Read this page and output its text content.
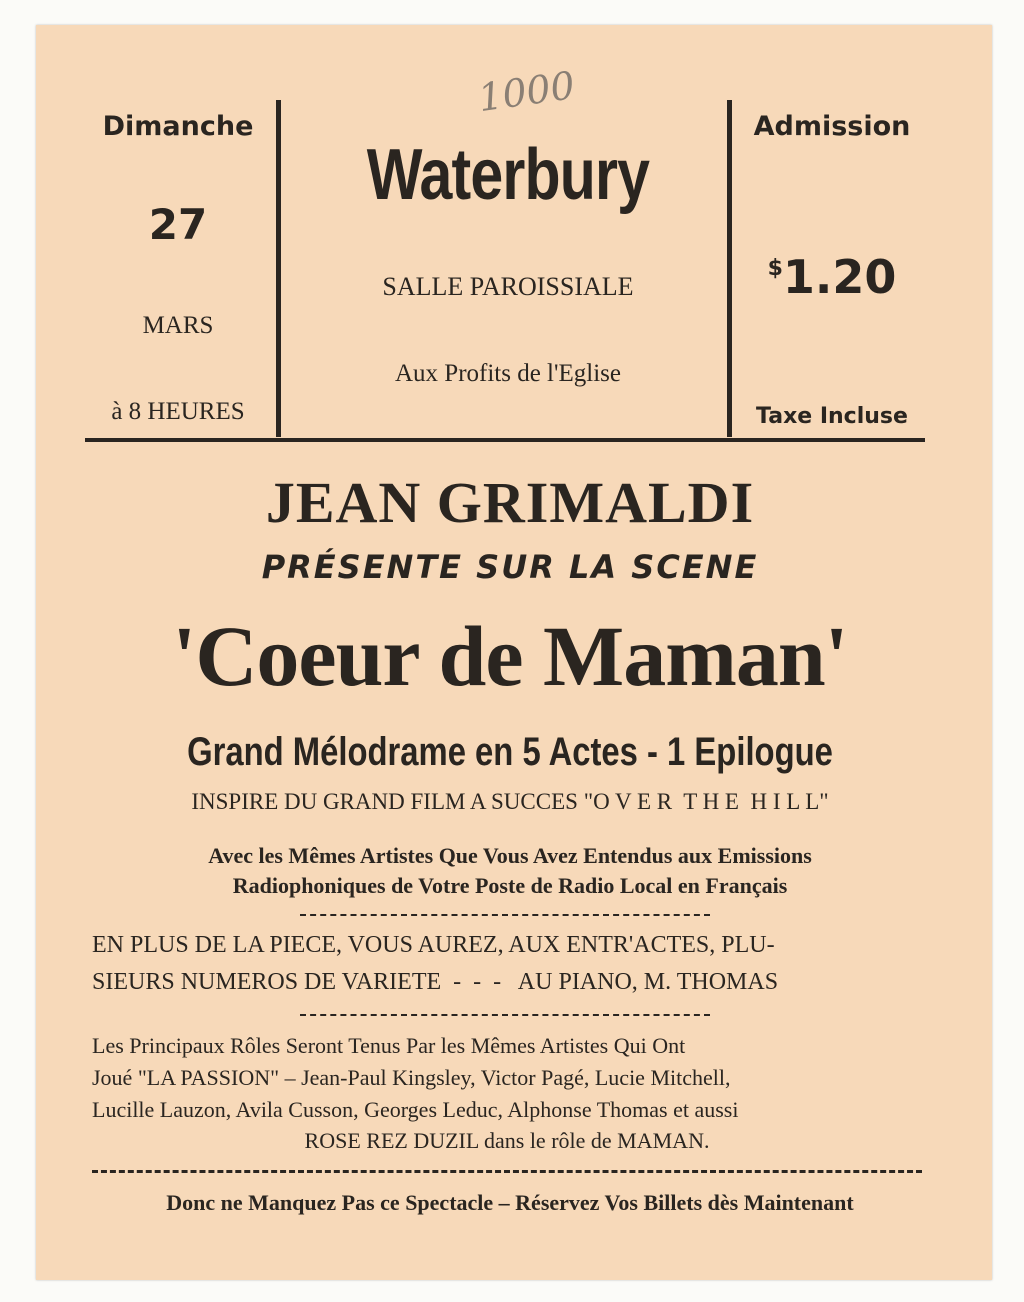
1000
Dimanche
27
MARS
à 8 HEURES
Waterbury
SALLE PAROISSIALE
Aux Profits de l'Eglise
Admission
$1.20
Taxe Incluse
JEAN GRIMALDI
PRÉSENTE SUR LA SCENE
'Coeur de Maman'
Grand Mélodrame en 5 Actes - 1 Epilogue
INSPIRE DU GRAND FILM A SUCCES "O V E R  T H E  H I L L"
Avec les Mêmes Artistes Que Vous Avez Entendus aux Emissions
Radiophoniques de Votre Poste de Radio Local en Français
EN PLUS DE LA PIECE, VOUS AUREZ, AUX ENTR'ACTES, PLU-
SIEURS NUMEROS DE VARIETE  -  -  -   AU PIANO, M. THOMAS
Les Principaux Rôles Seront Tenus Par les Mêmes Artistes Qui Ont
Joué "LA PASSION" – Jean-Paul Kingsley, Victor Pagé, Lucie Mitchell,
Lucille Lauzon, Avila Cusson, Georges Leduc, Alphonse Thomas et aussi
ROSE REZ DUZIL dans le rôle de MAMAN.
Donc ne Manquez Pas ce Spectacle – Réservez Vos Billets dès Maintenant
